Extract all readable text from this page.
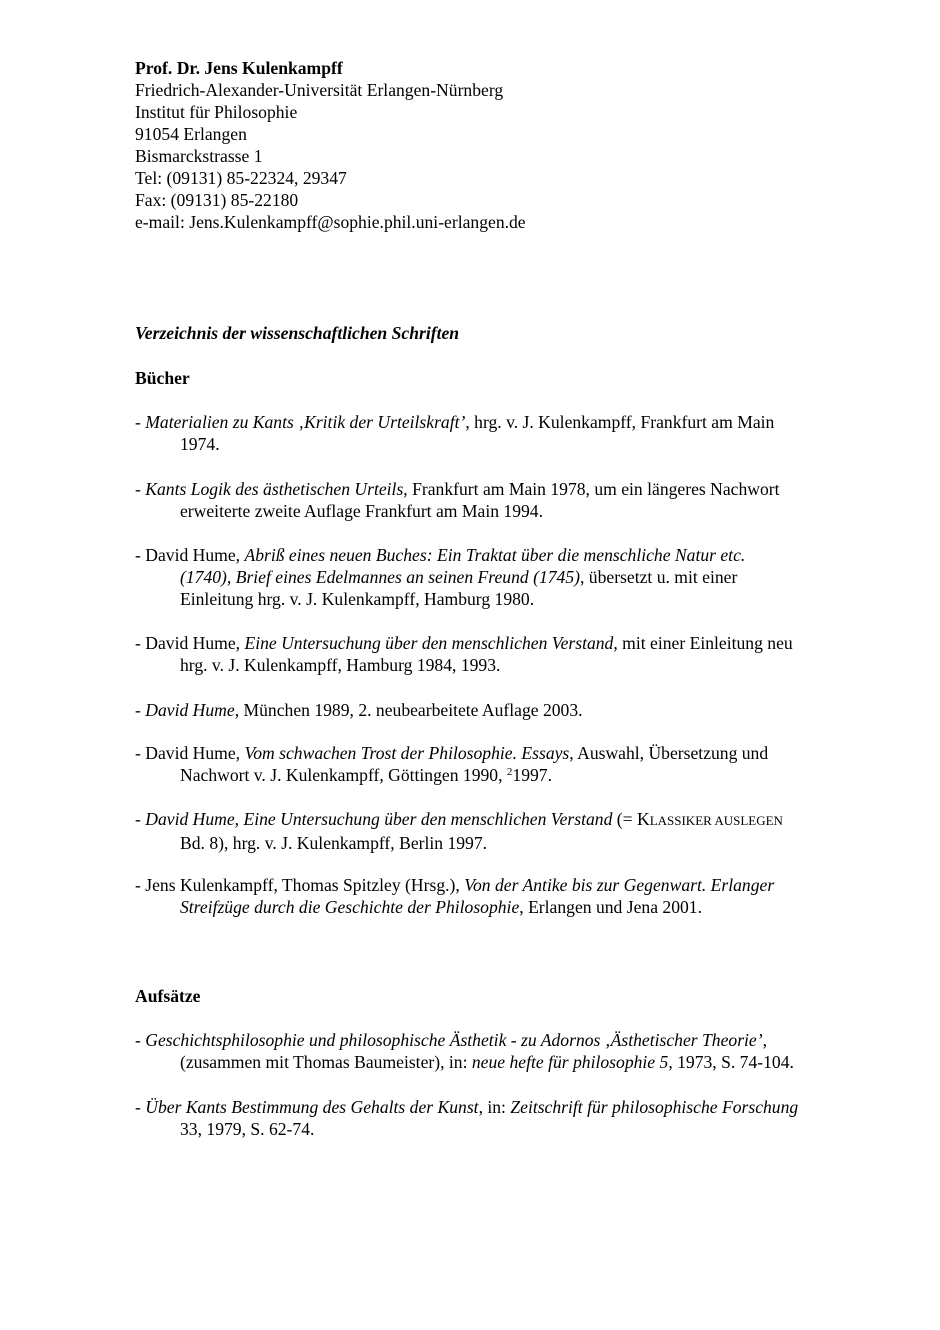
Prof. Dr. Jens Kulenkampff
Friedrich-Alexander-Universität Erlangen-Nürnberg
Institut für Philosophie
91054 Erlangen
Bismarckstrasse 1
Tel: (09131) 85-22324, 29347
Fax: (09131) 85-22180
e-mail: Jens.Kulenkampff@sophie.phil.uni-erlangen.de
Verzeichnis der wissenschaftlichen Schriften
Bücher
- Materialien zu Kants ‚Kritik der Urteilskraft’, hrg. v. J. Kulenkampff, Frankfurt am Main
1974.
- Kants Logik des ästhetischen Urteils, Frankfurt am Main 1978, um ein längeres Nachwort
erweiterte zweite Auflage Frankfurt am Main 1994.
- David Hume, Abriß eines neuen Buches: Ein Traktat über die menschliche Natur etc.
(1740), Brief eines Edelmannes an seinen Freund (1745), übersetzt u. mit einer
Einleitung hrg. v. J. Kulenkampff, Hamburg 1980.
- David Hume, Eine Untersuchung über den menschlichen Verstand, mit einer Einleitung neu
hrg. v. J. Kulenkampff, Hamburg 1984, 1993.
- David Hume, München 1989, 2. neubearbeitete Auflage 2003.
- David Hume, Vom schwachen Trost der Philosophie. Essays, Auswahl, Übersetzung und
Nachwort v. J. Kulenkampff, Göttingen 1990, $^2$1997.
- David Hume, Eine Untersuchung über den menschlichen Verstand (= KLASSIKER AUSLEGEN
Bd. 8), hrg. v. J. Kulenkampff, Berlin 1997.
- Jens Kulenkampff, Thomas Spitzley (Hrsg.), Von der Antike bis zur Gegenwart. Erlanger
Streifzüge durch die Geschichte der Philosophie, Erlangen und Jena 2001.
Aufsätze
- Geschichtsphilosophie und philosophische Ästhetik - zu Adornos ‚Ästhetischer Theorie’,
(zusammen mit Thomas Baumeister), in: neue hefte für philosophie 5, 1973, S. 74-104.
- Über Kants Bestimmung des Gehalts der Kunst, in: Zeitschrift für philosophische Forschung
33, 1979, S. 62-74.
